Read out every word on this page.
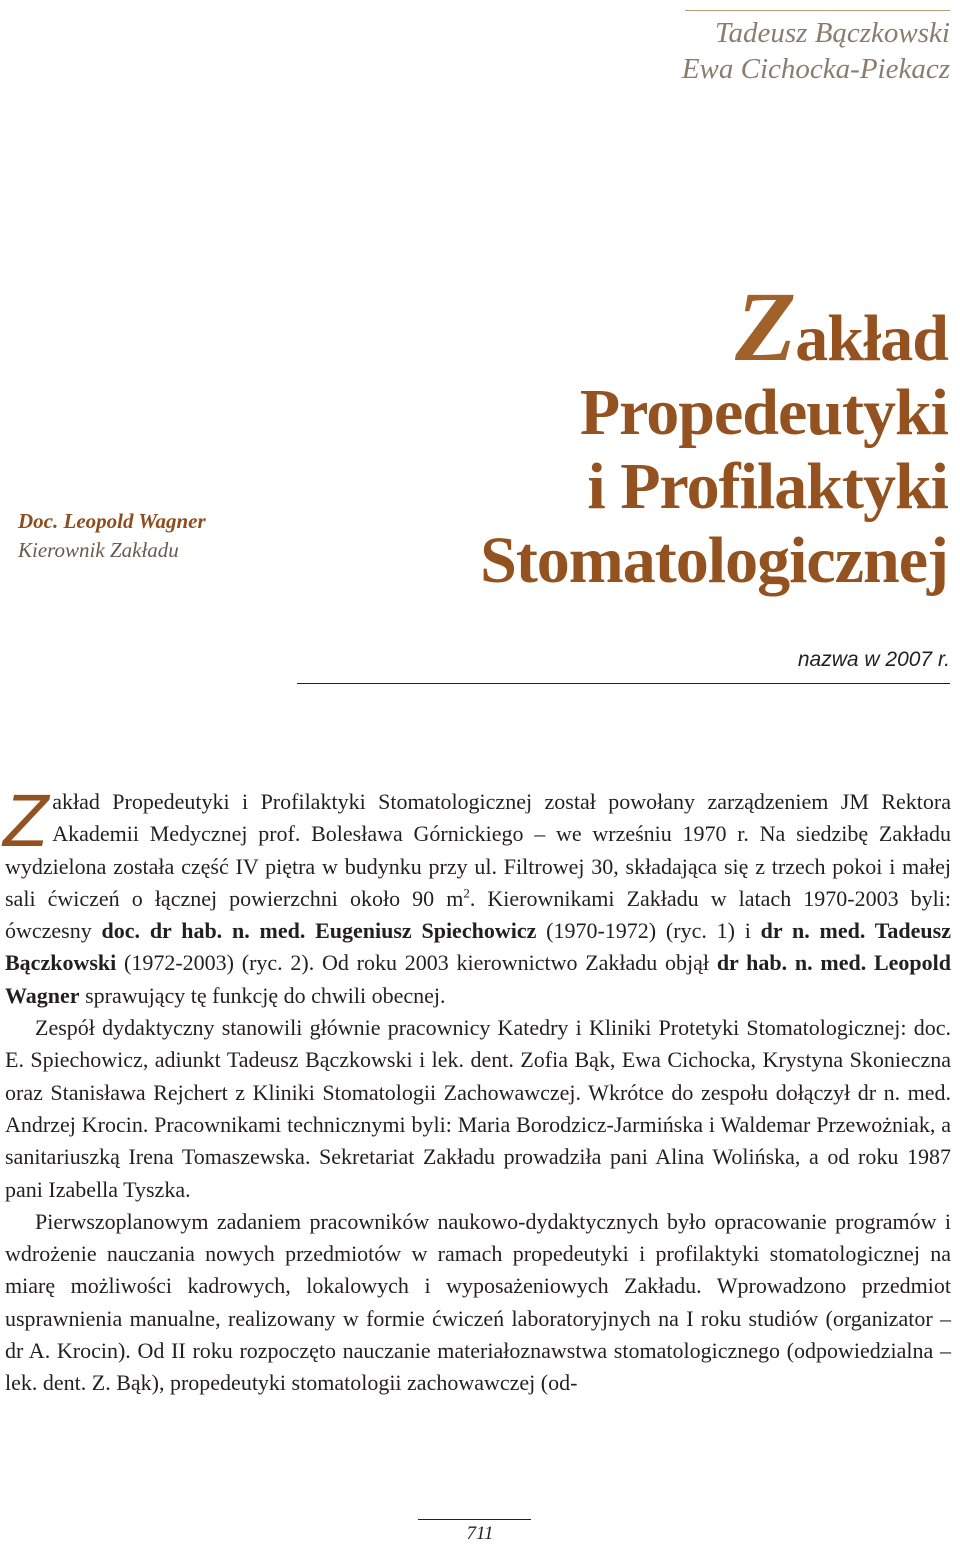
Tadeusz Bączkowski
Ewa Cichocka-Piekacz
Zakład
Propedeutyki
i Profilaktyki
Stomatologicznej
Doc. Leopold Wagner
Kierownik Zakładu
nazwa w 2007 r.

Zakład Propedeutyki i Profilaktyki Stomatologicznej został powołany zarządzeniem JM Rektora Akademii Medycznej prof. Bolesława Górnickiego – we wrześniu 1970 r. Na siedzibę Zakładu wydzielona została część IV piętra w budynku przy ul. Filtrowej 30, składająca się z trzech pokoi i małej sali ćwiczeń o łącznej powierzchni około 90 $m^2$. Kierownikami Zakładu w latach 1970-2003 byli: ówczesny doc. dr hab. n. med. Eugeniusz Spiechowicz (1970-1972) (ryc. 1) i dr n. med. Tadeusz Bączkowski (1972-2003) (ryc. 2). Od roku 2003 kierownictwo Zakładu objął dr hab. n. med. Leopold Wagner sprawujący tę funkcję do chwili obecnej.

Zespół dydaktyczny stanowili głównie pracownicy Katedry i Kliniki Protetyki Stomatologicznej: doc. E. Spiechowicz, adiunkt Tadeusz Bączkowski i lek. dent. Zofia Bąk, Ewa Cichocka, Krystyna Skonieczna oraz Stanisława Rejchert z Kliniki Stomatologii Zachowawczej. Wkrótce do zespołu dołączył dr n. med. Andrzej Krocin. Pracownikami technicznymi byli: Maria Borodzicz-Jarmińska i Waldemar Przewożniak, a sanitariuszką Irena Tomaszewska. Sekretariat Zakładu prowadziła pani Alina Wolińska, a od roku 1987 pani Izabella Tyszka.

Pierwszoplanowym zadaniem pracowników naukowo-dydaktycznych było opracowanie programów i wdrożenie nauczania nowych przedmiotów w ramach propedeutyki i profilaktyki stomatologicznej na miarę możliwości kadrowych, lokalowych i wyposażeniowych Zakładu. Wprowadzono przedmiot usprawnienia manualne, realizowany w formie ćwiczeń laboratoryjnych na I roku studiów (organizator – dr A. Krocin). Od II roku rozpoczęto nauczanie materiałoznawstwa stomatologicznego (odpowiedzialna – lek. dent. Z. Bąk), propedeutyki stomatologii zachowawczej (od-

711
